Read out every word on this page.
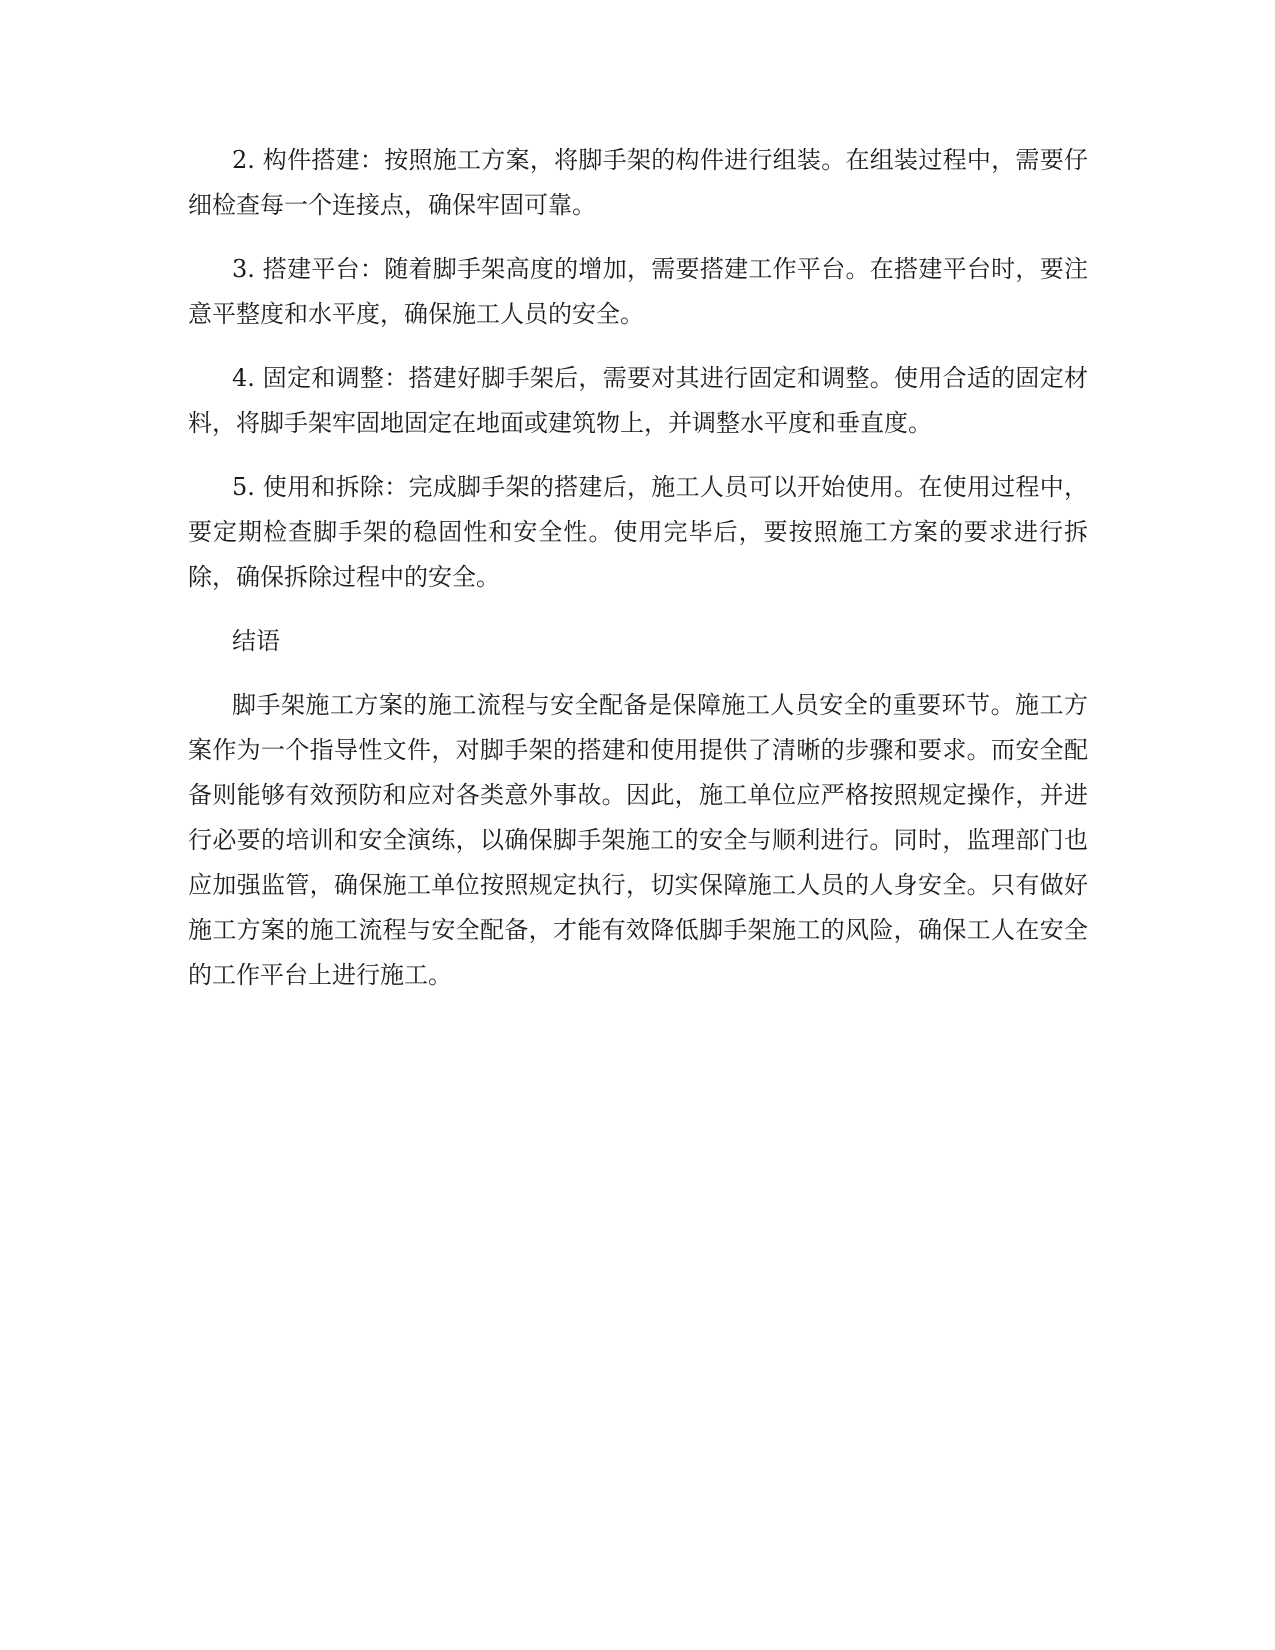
2. 构件搭建：按照施工方案，将脚手架的构件进行组装。在组装过程中，需要仔细检查每一个连接点，确保牢固可靠。

3. 搭建平台：随着脚手架高度的增加，需要搭建工作平台。在搭建平台时，要注意平整度和水平度，确保施工人员的安全。

4. 固定和调整：搭建好脚手架后，需要对其进行固定和调整。使用合适的固定材料，将脚手架牢固地固定在地面或建筑物上，并调整水平度和垂直度。

5. 使用和拆除：完成脚手架的搭建后，施工人员可以开始使用。在使用过程中，要定期检查脚手架的稳固性和安全性。使用完毕后，要按照施工方案的要求进行拆除，确保拆除过程中的安全。

结语

脚手架施工方案的施工流程与安全配备是保障施工人员安全的重要环节。施工方案作为一个指导性文件，对脚手架的搭建和使用提供了清晰的步骤和要求。而安全配备则能够有效预防和应对各类意外事故。因此，施工单位应严格按照规定操作，并进行必要的培训和安全演练，以确保脚手架施工的安全与顺利进行。同时，监理部门也应加强监管，确保施工单位按照规定执行，切实保障施工人员的人身安全。只有做好施工方案的施工流程与安全配备，才能有效降低脚手架施工的风险，确保工人在安全的工作平台上进行施工。
